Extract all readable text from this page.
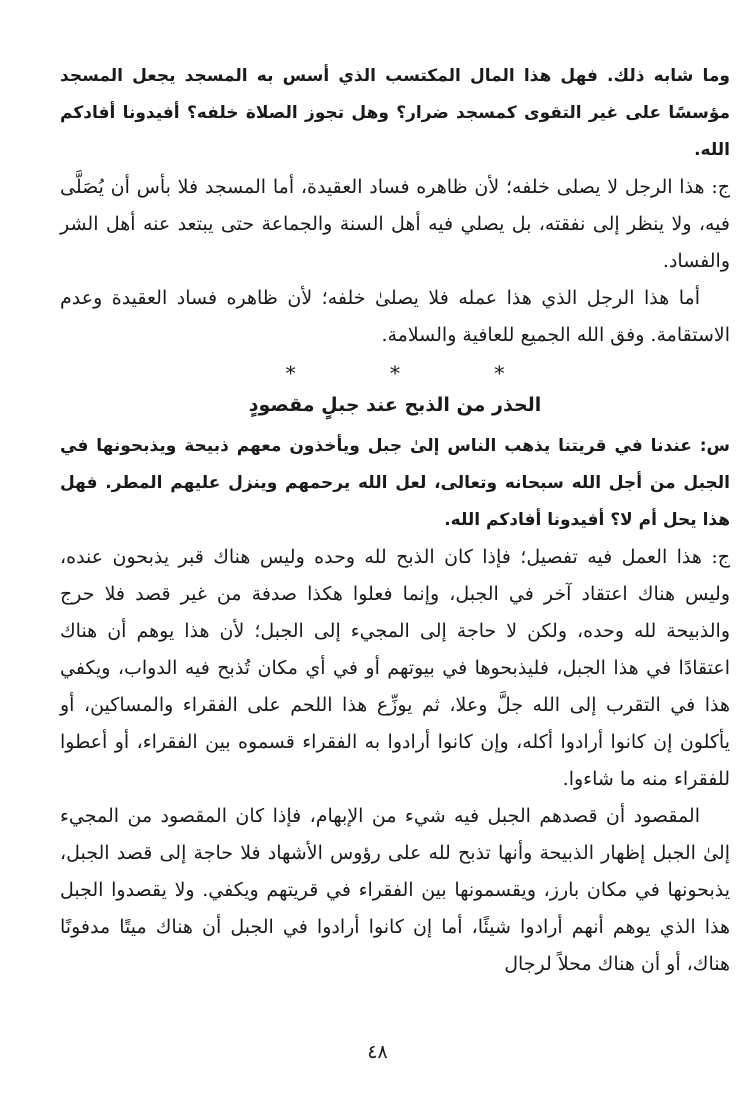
وما شابه ذلك. فهل هذا المال المكتسب الذي أسس به المسجد يجعل المسجد مؤسسًا على غير التقوى كمسجد ضرار؟ وهل تجوز الصلاة خلفه؟ أفيدونا أفادكم الله.

ج: هذا الرجل لا يصلى خلفه؛ لأن ظاهره فساد العقيدة، أما المسجد فلا بأس أن يُصَلَّى فيه، ولا ينظر إلى نفقته، بل يصلي فيه أهل السنة والجماعة حتى يبتعد عنه أهل الشر والفساد.

أما هذا الرجل الذي هذا عمله فلا يصلىٰ خلفه؛ لأن ظاهره فساد العقيدة وعدم الاستقامة. وفق الله الجميع للعافية والسلامة.

* * *
الحذر من الذبح عند جبلٍ مقصودٍ

س: عندنا في قريتنا يذهب الناس إلىٰ جبل ويأخذون معهم ذبيحة ويذبحونها في الجبل من أجل الله سبحانه وتعالى، لعل الله يرحمهم وينزل عليهم المطر. فهل هذا يحل أم لا؟ أفيدونا أفادكم الله.

ج: هذا العمل فيه تفصيل؛ فإذا كان الذبح لله وحده وليس هناك قبر يذبحون عنده، وليس هناك اعتقاد آخر في الجبل، وإنما فعلوا هكذا صدفة من غير قصد فلا حرج والذبيحة لله وحده، ولكن لا حاجة إلى المجيء إلى الجبل؛ لأن هذا يوهم أن هناك اعتقادًا في هذا الجبل، فليذبحوها في بيوتهم أو في أي مكان تُذبح فيه الدواب، ويكفي هذا في التقرب إلى الله جلَّ وعلا، ثم يوزِّع هذا اللحم على الفقراء والمساكين، أو يأكلون إن كانوا أرادوا أكله، وإن كانوا أرادوا به الفقراء قسموه بين الفقراء، أو أعطوا للفقراء منه ما شاءوا.

المقصود أن قصدهم الجبل فيه شيء من الإبهام، فإذا كان المقصود من المجيء إلىٰ الجبل إظهار الذبيحة وأنها تذبح لله على رؤوس الأشهاد فلا حاجة إلى قصد الجبل، يذبحونها في مكان بارز، ويقسمونها بين الفقراء في قريتهم ويكفي. ولا يقصدوا الجبل هذا الذي يوهم أنهم أرادوا شيئًا، أما إن كانوا أرادوا في الجبل أن هناك ميتًا مدفونًا هناك، أو أن هناك محلاً لرجال

٤٨
